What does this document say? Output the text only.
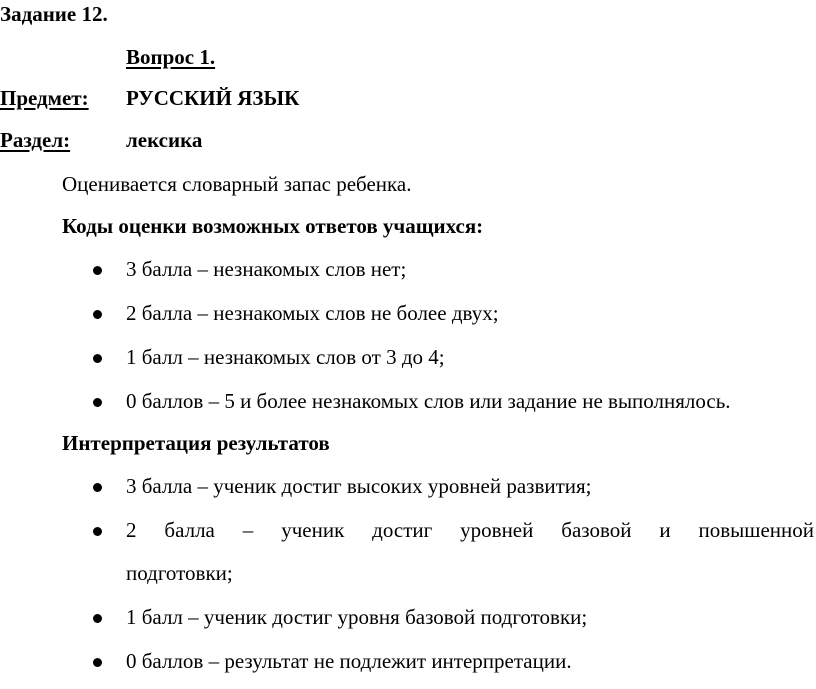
Задание 12.
Вопрос 1.
Предмет: РУССКИЙ ЯЗЫК
Раздел:	лексика
Оценивается словарный запас ребенка.
Коды оценки возможных ответов учащихся:
3 балла – незнакомых слов нет;
2 балла – незнакомых слов не более двух;
1 балл – незнакомых слов от 3 до 4;
0 баллов – 5 и более незнакомых слов или задание не выполнялось.
Интерпретация результатов
3 балла – ученик достиг высоких уровней развития;
2 балла – ученик достиг уровней базовой и повышенной
подготовки;
1 балл – ученик достиг уровня базовой подготовки;
0 баллов – результат не подлежит интерпретации.
